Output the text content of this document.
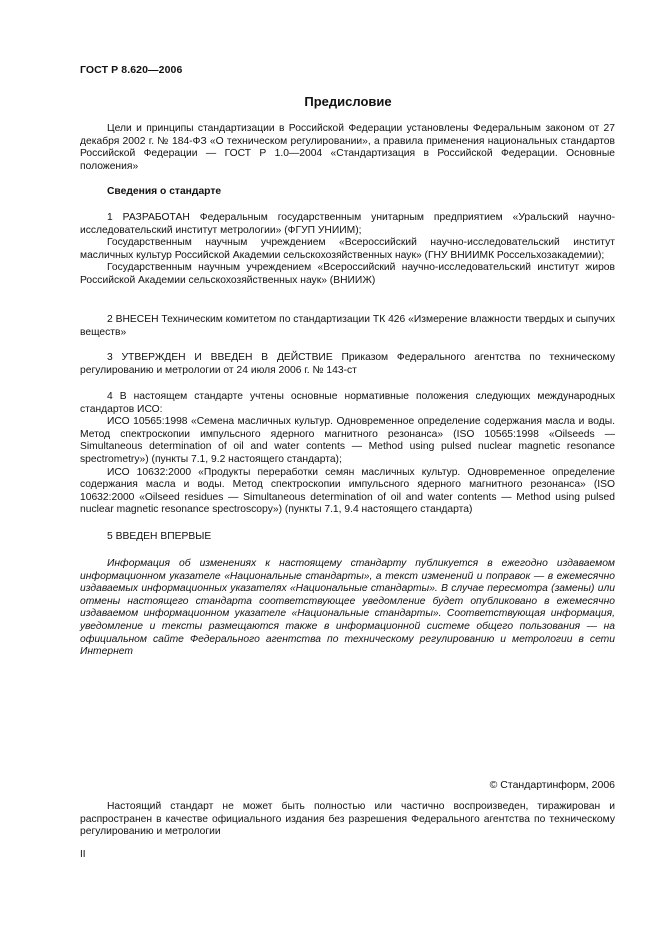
ГОСТ Р 8.620—2006
Предисловие

Цели и принципы стандартизации в Российской Федерации установлены Федеральным законом от 27 декабря 2002 г. № 184-ФЗ «О техническом регулировании», а правила применения национальных стандартов Российской Федерации — ГОСТ Р 1.0—2004 «Стандартизация в Российской Федерации. Основные положения»

Сведения о стандарте

1 РАЗРАБОТАН Федеральным государственным унитарным предприятием «Уральский научно-исследовательский институт метрологии» (ФГУП УНИИМ);

Государственным научным учреждением «Всероссийский научно-исследовательский институт масличных культур Российской Академии сельскохозяйственных наук» (ГНУ ВНИИМК Россельхозакадемии);

Государственным научным учреждением «Всероссийский научно-исследовательский институт жиров Российской Академии сельскохозяйственных наук» (ВНИИЖ)

2 ВНЕСЕН Техническим комитетом по стандартизации ТК 426 «Измерение влажности твердых и сыпучих веществ»

3 УТВЕРЖДЕН И ВВЕДЕН В ДЕЙСТВИЕ Приказом Федерального агентства по техническому регулированию и метрологии от 24 июля 2006 г. № 143-ст

4 В настоящем стандарте учтены основные нормативные положения следующих международных стандартов ИСО:

ИСО 10565:1998 «Семена масличных культур. Одновременное определение содержания масла и воды. Метод спектроскопии импульсного ядерного магнитного резонанса» (ISO 10565:1998 «Oilseeds — Simultaneous determination of oil and water contents — Method using pulsed nuclear magnetic resonance spectrometry») (пункты 7.1, 9.2 настоящего стандарта);

ИСО 10632:2000 «Продукты переработки семян масличных культур. Одновременное определение содержания масла и воды. Метод спектроскопии импульсного ядерного магнитного резонанса» (ISO 10632:2000 «Oilseed residues — Simultaneous determination of oil and water contents — Method using pulsed nuclear magnetic resonance spectroscopy») (пункты 7.1, 9.4 настоящего стандарта)

5 ВВЕДЕН ВПЕРВЫЕ

Информация об изменениях к настоящему стандарту публикуется в ежегодно издаваемом информационном указателе «Национальные стандарты», а текст изменений и поправок — в ежемесячно издаваемых информационных указателях «Национальные стандарты». В случае пересмотра (замены) или отмены настоящего стандарта соответствующее уведомление будет опубликовано в ежемесячно издаваемом информационном указателе «Национальные стандарты». Соответствующая информация, уведомление и тексты размещаются также в информационной системе общего пользования — на официальном сайте Федерального агентства по техническому регулированию и метрологии в сети Интернет

© Стандартинформ, 2006

Настоящий стандарт не может быть полностью или частично воспроизведен, тиражирован и распространен в качестве официального издания без разрешения Федерального агентства по техническому регулированию и метрологии

II
